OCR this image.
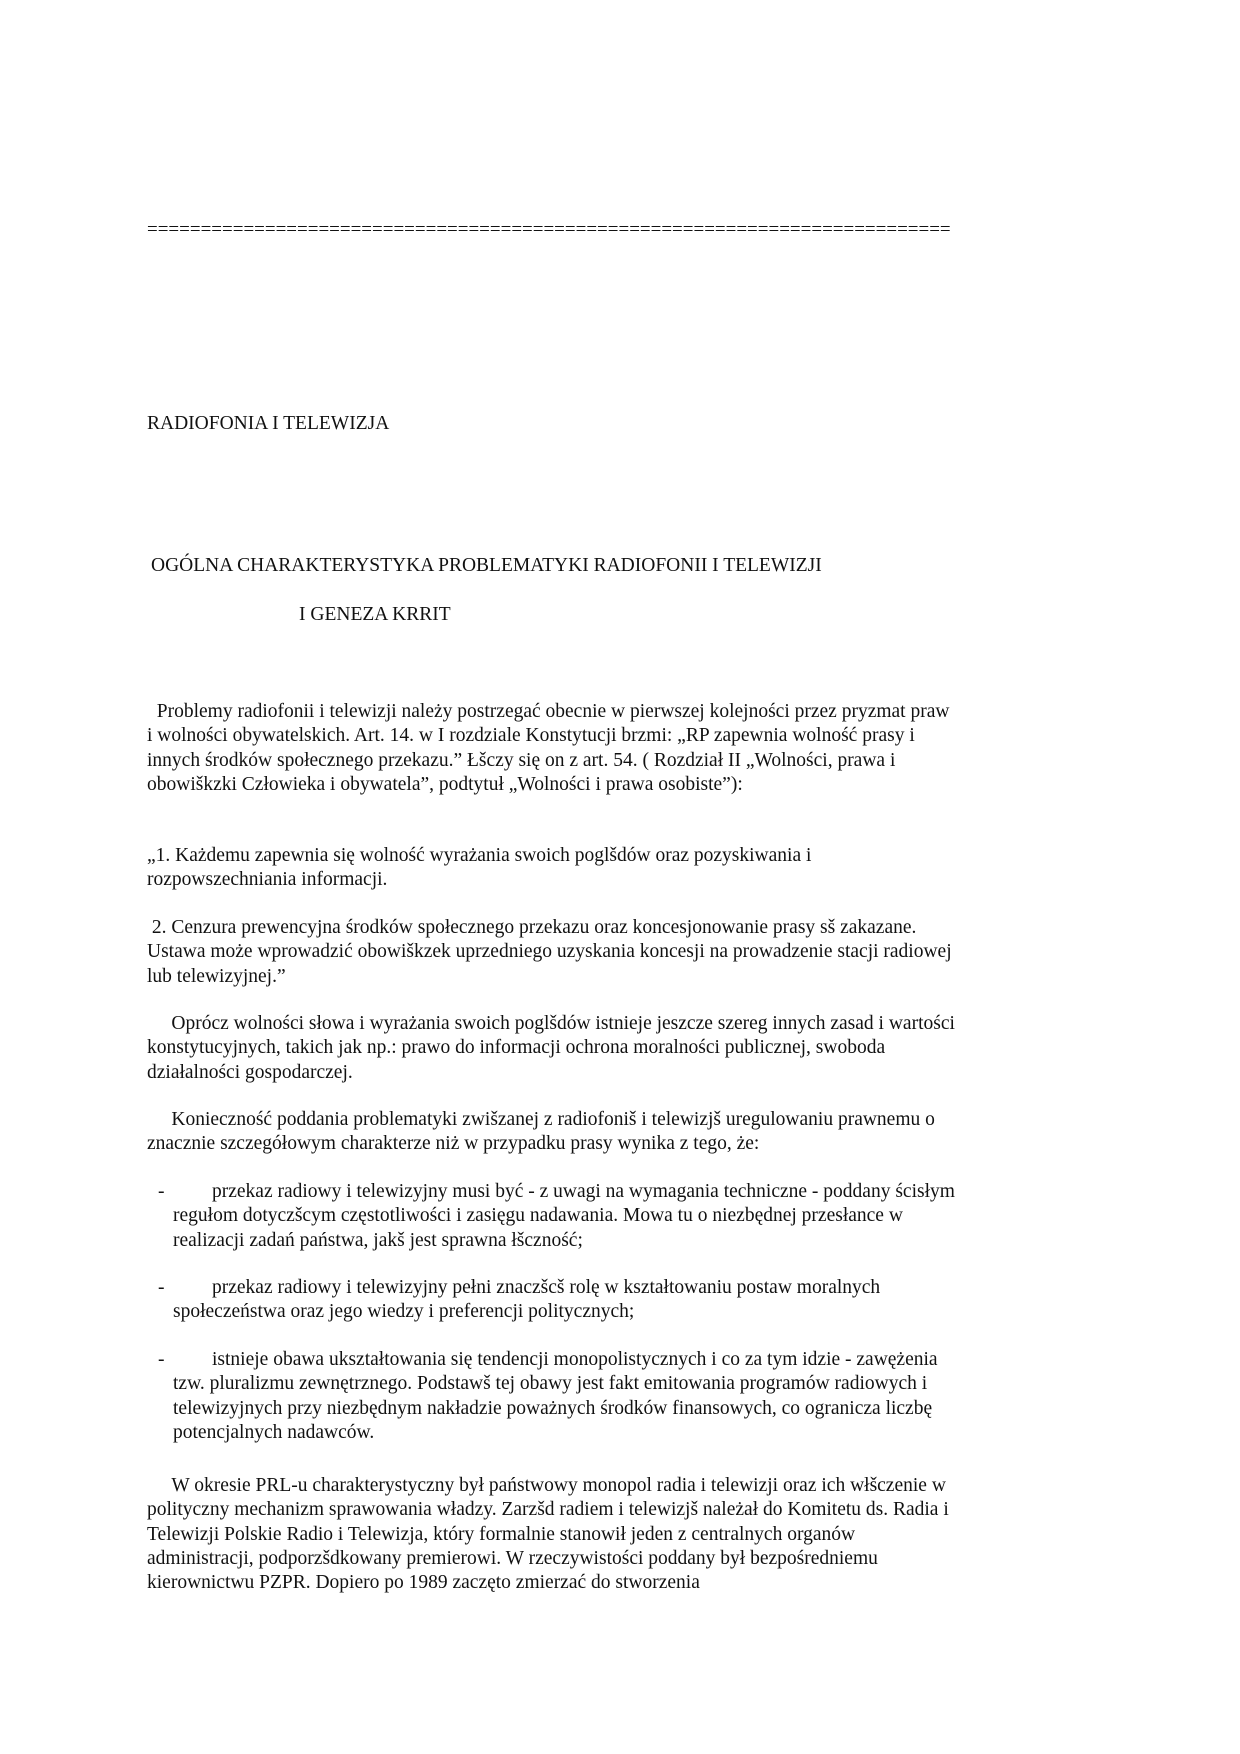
===========================================================================
RADIOFONIA I TELEWIZJA
OGÓLNA CHARAKTERYSTYKA PROBLEMATYKI RADIOFONII I TELEWIZJI
I GENEZA KRRIT

Problemy radiofonii i telewizji należy postrzegać obecnie w pierwszej kolejności przez pryzmat praw i wolności obywatelskich. Art. 14. w I rozdziale Konstytucji brzmi: „RP zapewnia wolność prasy i innych środków społecznego przekazu.” Łšczy się on z art. 54. ( Rozdział II „Wolności, prawa i obowiškzki Człowieka i obywatela”, podtytuł „Wolności i prawa osobiste”):

„1. Każdemu zapewnia się wolność wyrażania swoich poglšdów oraz pozyskiwania i rozpowszechniania informacji.

2. Cenzura prewencyjna środków społecznego przekazu oraz koncesjonowanie prasy sš zakazane. Ustawa może wprowadzić obowiškzek uprzedniego uzyskania koncesji na prowadzenie stacji radiowej lub telewizyjnej.”

Oprócz wolności słowa i wyrażania swoich poglšdów istnieje jeszcze szereg innych zasad i wartości konstytucyjnych, takich jak np.: prawo do informacji ochrona moralności publicznej, swoboda działalności gospodarczej.

Konieczność poddania problematyki zwišzanej z radiofoniš i telewizjš uregulowaniu prawnemu o znacznie szczegółowym charakterze niż w przypadku prasy wynika z tego, że:

- przekaz radiowy i telewizyjny musi być - z uwagi na wymagania techniczne - poddany ścisłym regułom dotyczšcym częstotliwości i zasięgu nadawania. Mowa tu o niezbędnej przesłance w realizacji zadań państwa, jakš jest sprawna łšczność;

- przekaz radiowy i telewizyjny pełni znaczšcš rolę w kształtowaniu postaw moralnych społeczeństwa oraz jego wiedzy i preferencji politycznych;

- istnieje obawa ukształtowania się tendencji monopolistycznych i co za tym idzie - zawężenia tzw. pluralizmu zewnętrznego. Podstawš tej obawy jest fakt emitowania programów radiowych i telewizyjnych przy niezbędnym nakładzie poważnych środków finansowych, co ogranicza liczbę potencjalnych nadawców.

W okresie PRL-u charakterystyczny był państwowy monopol radia i telewizji oraz ich włšczenie w polityczny mechanizm sprawowania władzy. Zarzšd radiem i telewizjš należał do Komitetu ds. Radia i Telewizji Polskie Radio i Telewizja, który formalnie stanowił jeden z centralnych organów administracji, podporzšdkowany premierowi. W rzeczywistości poddany był bezpośredniemu kierownictwu PZPR. Dopiero po 1989 zaczęto zmierzać do stworzenia
